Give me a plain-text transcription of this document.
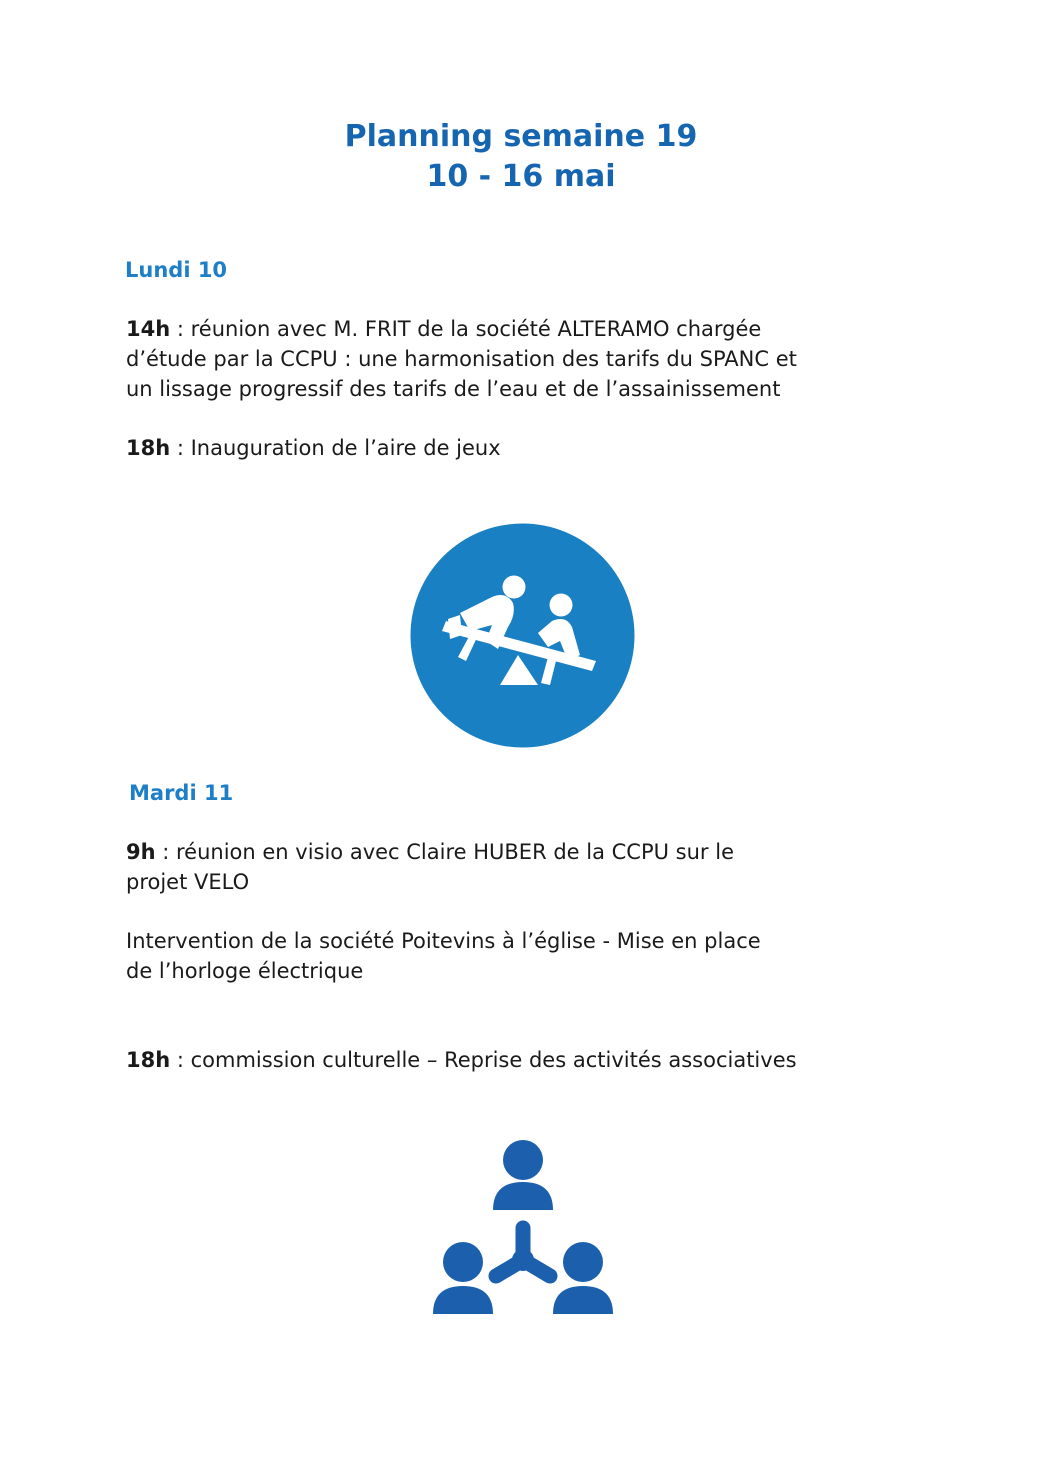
Planning semaine 19
10 - 16 mai
Lundi 10
14h : réunion avec M. FRIT de la société ALTERAMO chargée
d’étude par la CCPU : une harmonisation des tarifs du SPANC et
un lissage progressif des tarifs de l’eau et de l’assainissement
18h : Inauguration de l’aire de jeux
Mardi 11
9h : réunion en visio avec Claire HUBER de la CCPU sur le
projet VELO
Intervention de la société Poitevins à l’église - Mise en place
de l’horloge électrique
18h : commission culturelle – Reprise des activités associatives
